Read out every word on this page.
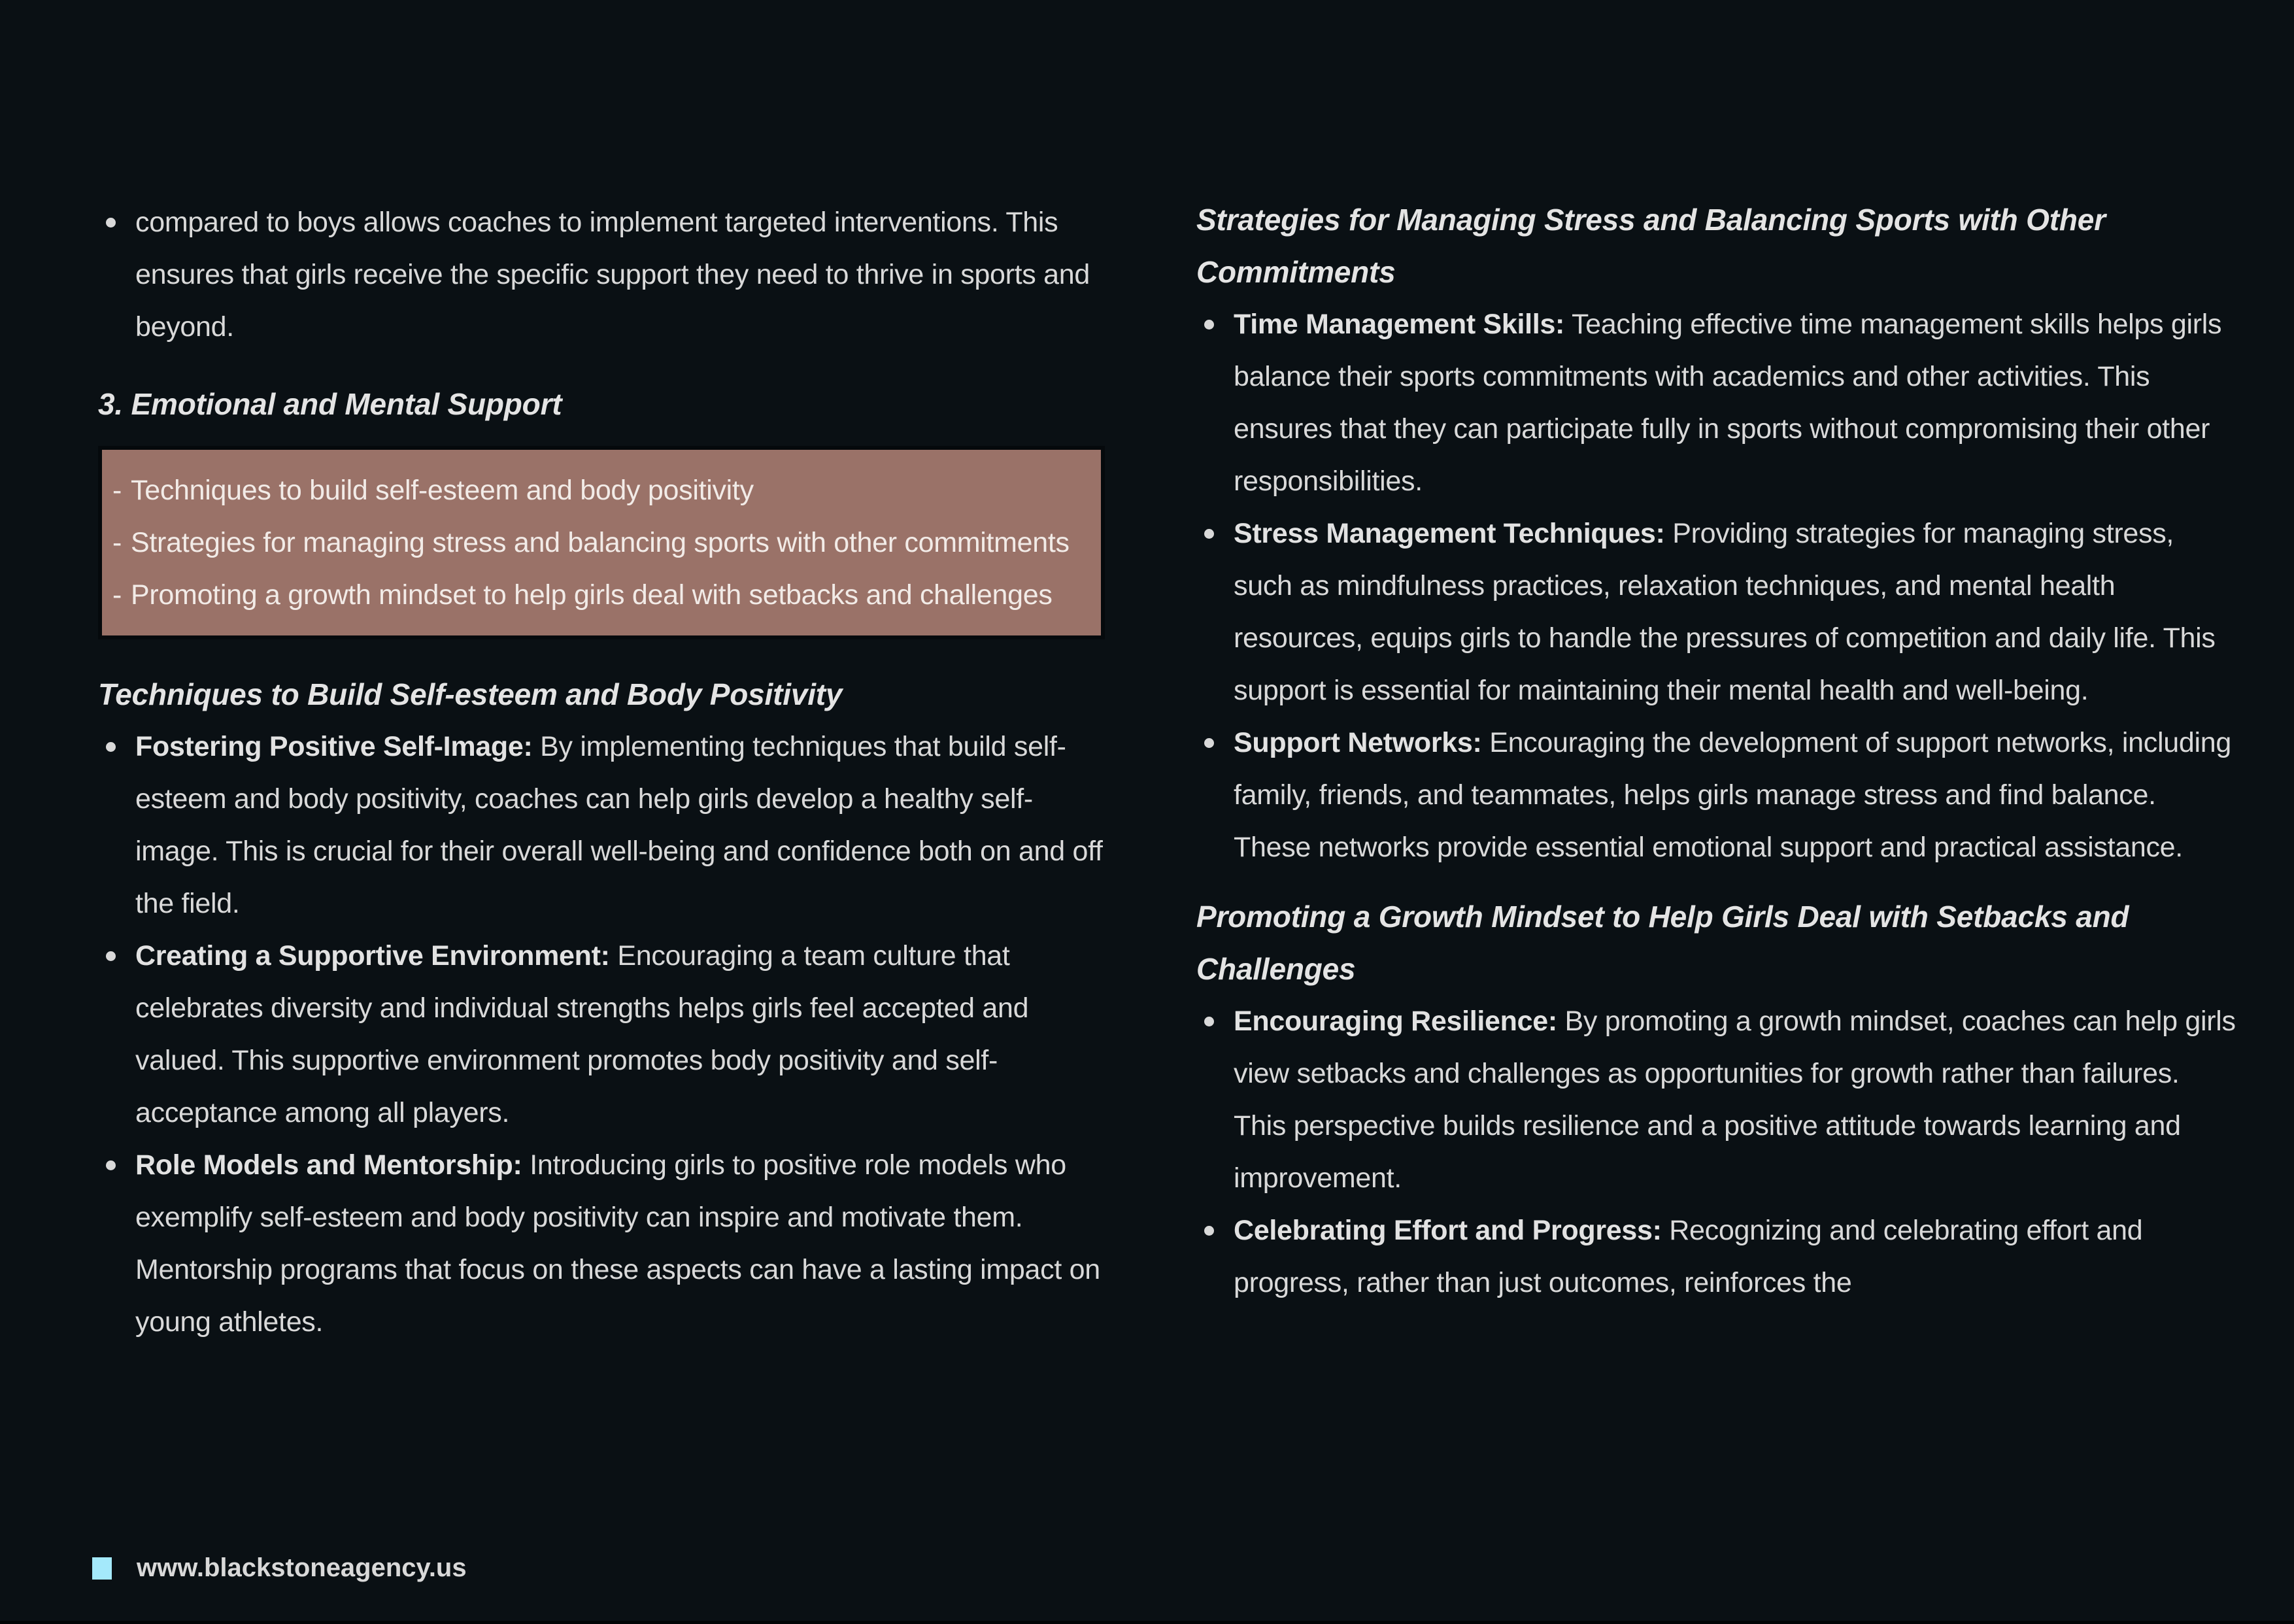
compared to boys allows coaches to implement targeted interventions. This ensures that girls receive the specific support they need to thrive in sports and beyond.

3. Emotional and Mental Support
- Techniques to build self-esteem and body positivity
- Strategies for managing stress and balancing sports with other commitments
- Promoting a growth mindset to help girls deal with setbacks and challenges
Techniques to Build Self-esteem and Body Positivity

Fostering Positive Self-Image: By implementing techniques that build self-esteem and body positivity, coaches can help girls develop a healthy self-image. This is crucial for their overall well-being and confidence both on and off the field.

Creating a Supportive Environment: Encouraging a team culture that celebrates diversity and individual strengths helps girls feel accepted and valued. This supportive environment promotes body positivity and self-acceptance among all players.

Role Models and Mentorship: Introducing girls to positive role models who exemplify self-esteem and body positivity can inspire and motivate them. Mentorship programs that focus on these aspects can have a lasting impact on young athletes.

Strategies for Managing Stress and Balancing Sports with Other Commitments

Time Management Skills: Teaching effective time management skills helps girls balance their sports commitments with academics and other activities. This ensures that they can participate fully in sports without compromising their other responsibilities.

Stress Management Techniques: Providing strategies for managing stress, such as mindfulness practices, relaxation techniques, and mental health resources, equips girls to handle the pressures of competition and daily life. This support is essential for maintaining their mental health and well-being.

Support Networks: Encouraging the development of support networks, including family, friends, and teammates, helps girls manage stress and find balance. These networks provide essential emotional support and practical assistance.

Promoting a Growth Mindset to Help Girls Deal with Setbacks and Challenges

Encouraging Resilience: By promoting a growth mindset, coaches can help girls view setbacks and challenges as opportunities for growth rather than failures. This perspective builds resilience and a positive attitude towards learning and improvement.

Celebrating Effort and Progress: Recognizing and celebrating effort and progress, rather than just outcomes, reinforces the

www.blackstoneagency.us
